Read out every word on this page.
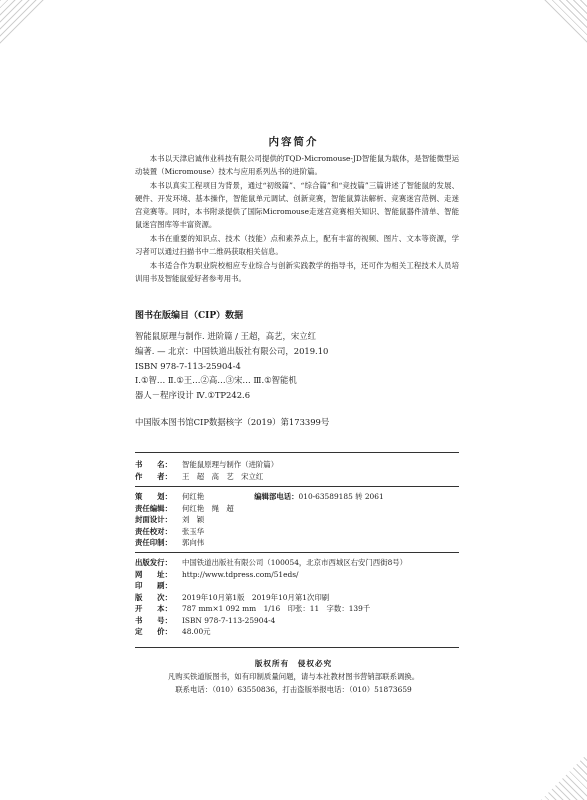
内容简介

本书以天津启诚伟业科技有限公司提供的TQD-Micromouse-JD智能鼠为载体，是智能微型运动装置（Micromouse）技术与应用系列丛书的进阶篇。

本书以真实工程项目为背景，通过“初级篇”、“综合篇”和“竞技篇”三篇讲述了智能鼠的发展、硬件、开发环境、基本操作，智能鼠单元调试、创新竞赛，智能鼠算法解析、竞赛迷宫范例、走迷宫竞赛等。同时，本书附录提供了国际Micromouse走迷宫竞赛相关知识、智能鼠器件清单、智能鼠迷宫图库等丰富资源。

本书在重要的知识点、技术（技能）点和素养点上，配有丰富的视频、图片、文本等资源，学习者可以通过扫描书中二维码获取相关信息。

本书适合作为职业院校相应专业综合与创新实践教学的指导书，还可作为相关工程技术人员培训用书及智能鼠爱好者参考用书。

图书在版编目（CIP）数据
智能鼠原理与制作. 进阶篇 / 王超，高艺，宋立红
编著. — 北京：中国铁道出版社有限公司，2019.10
ISBN 978-7-113-25904-4
Ⅰ.①智… Ⅱ.①王…②高…③宋… Ⅲ.①智能机
器人－程序设计 Ⅳ.①TP242.6
中国版本图书馆CIP数据核字（2019）第173399号
书　　名：	智能鼠原理与制作（进阶篇）
作　　者：	王　超　高　艺　宋立红
策　　划：	何红艳	编辑部电话： 010-63589185 转 2061
责任编辑：	何红艳　绳　超
封面设计：	刘　颖
责任校对：	张玉华
责任印制：	郭向伟
出版发行：	中国铁道出版社有限公司（100054，北京市西城区右安门西街8号）
网　　址：	http://www.tdpress.com/51eds/
印　　刷：
版　　次：	2019年10月第1版　2019年10月第1次印刷
开　　本：	787 mm×1 092 mm　1/16　印张：11　字数：139千
书　　号：	ISBN 978-7-113-25904-4
定　　价：	48.00元
版权所有　侵权必究
凡购买铁道版图书，如有印制质量问题，请与本社教材图书营销部联系调换。
联系电话：（010）63550836，打击盗版举报电话：（010）51873659
